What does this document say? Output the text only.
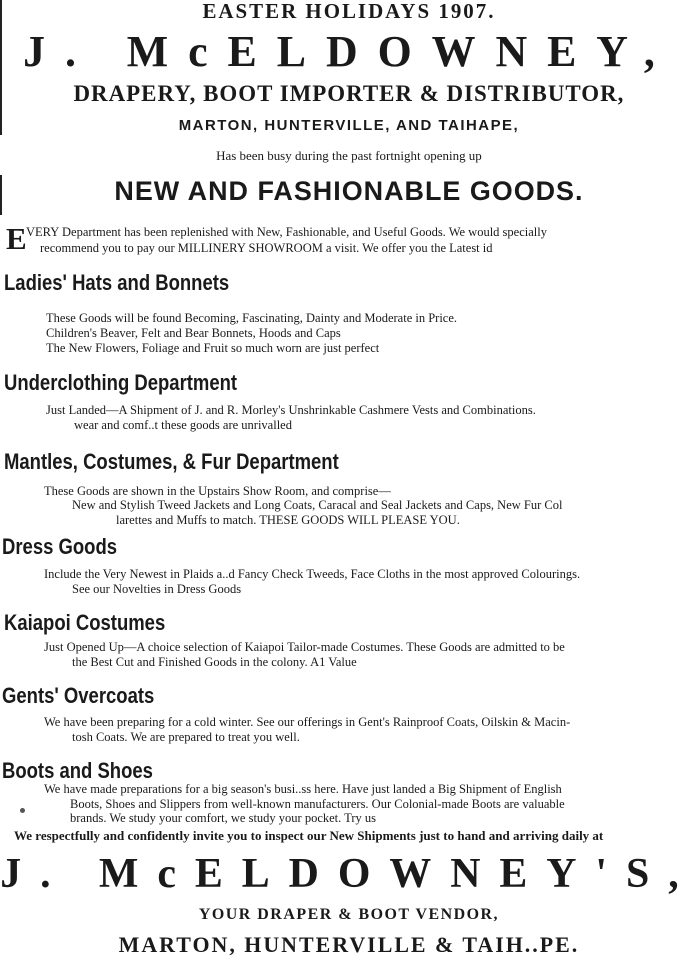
EASTER HOLIDAYS 1907.
J. McELDOWNEY,
DRAPERY, BOOT IMPORTER & DISTRIBUTOR,
MARTON, HUNTERVILLE, AND TAIHAPE,
Has been busy during the past fortnight opening up
NEW AND FASHIONABLE GOODS.
E VERY Department has been replenished with New, Fashionable, and Useful Goods. We would specially
recommend you to pay our MILLINERY SHOWROOM a visit. We offer you the Latest id
Ladies' Hats and Bonnets
These Goods will be found Becoming, Fascinating, Dainty and Moderate in Price.
Children's Beaver, Felt and Bear Bonnets, Hoods and Caps
The New Flowers, Foliage and Fruit so much worn are just perfect
Underclothing Department
Just Landed—A Shipment of J. and R. Morley's Unshrinkable Cashmere Vests and Combinations.
wear and comf..t these goods are unrivalled
Mantles, Costumes, & Fur Department
These Goods are shown in the Upstairs Show Room, and comprise—
New and Stylish Tweed Jackets and Long Coats, Caracal and Seal Jackets and Caps, New Fur Col
larettes and Muffs to match. THESE GOODS WILL PLEASE YOU.
Dress Goods
Include the Very Newest in Plaids a..d Fancy Check Tweeds, Face Cloths in the most approved Colourings.
See our Novelties in Dress Goods
Kaiapoi Costumes
Just Opened Up—A choice selection of Kaiapoi Tailor-made Costumes. These Goods are admitted to be
the Best Cut and Finished Goods in the colony. A1 Value
Gents' Overcoats
We have been preparing for a cold winter. See our offerings in Gent's Rainproof Coats, Oilskin & Macin-
tosh Coats. We are prepared to treat you well.
Boots and Shoes
We have made preparations for a big season's busi..ss here. Have just landed a Big Shipment of English
Boots, Shoes and Slippers from well-known manufacturers. Our Colonial-made Boots are valuable
brands. We study your comfort, we study your pocket. Try us
We respectfully and confidently invite you to inspect our New Shipments just to hand and arriving daily at
J. McELDOWNEY'S,
YOUR DRAPER & BOOT VENDOR,
MARTON, HUNTERVILLE & TAIH..PE.
